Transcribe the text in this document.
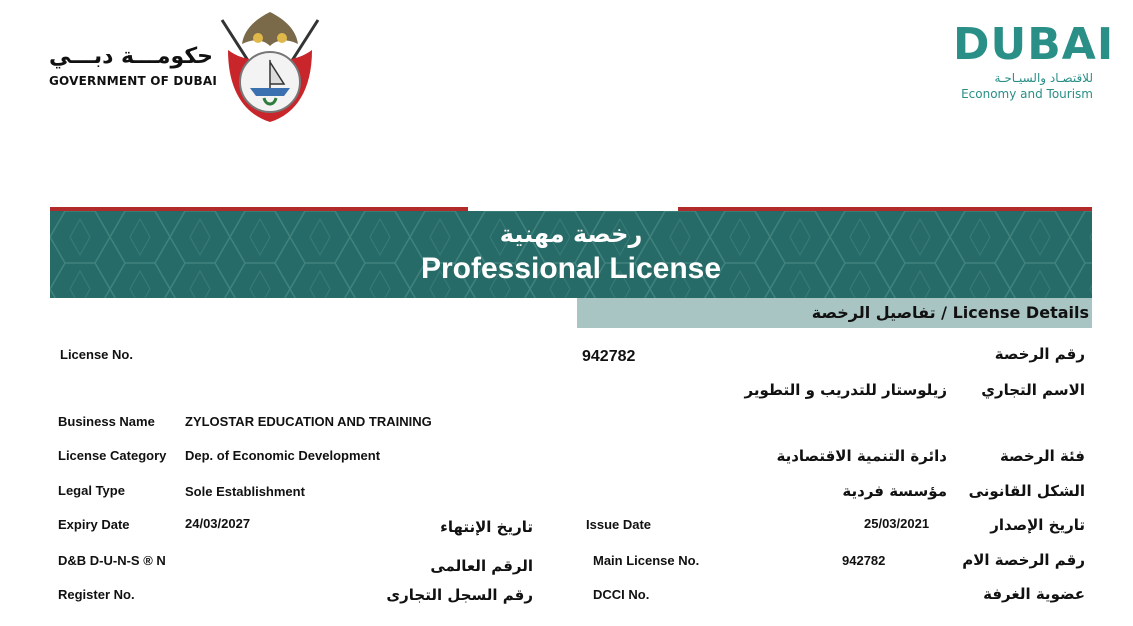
حكومـــة دبـــي
GOVERNMENT OF DUBAI
DUBAI
للاقتصـاد والسيـاحـة
Economy and Tourism
رخصة مهنية
Professional License
تفاصيل الرخصة / License Details
License No.	942782	رقم الرخصة
زيلوستار للتدريب و التطوير الاسم التجاري
Business Name ZYLOSTAR EDUCATION AND TRAINING
License Category Dep. of Economic Development	دائرة التنمية الاقتصادية	فئة الرخصة
Legal Type	Sole Establishment	مؤسسة فردية الشكل القانونى
Expiry Date	24/03/2027	تاريخ الإنتهاء	Issue Date	25/03/2021	تاريخ الإصدار
D&B D-U-N-S ® N	الرقم العالمى	Main License No.	942782	رقم الرخصة الام
Register No.	رقم السجل التجارى	DCCI No.	عضوية الغرفة
